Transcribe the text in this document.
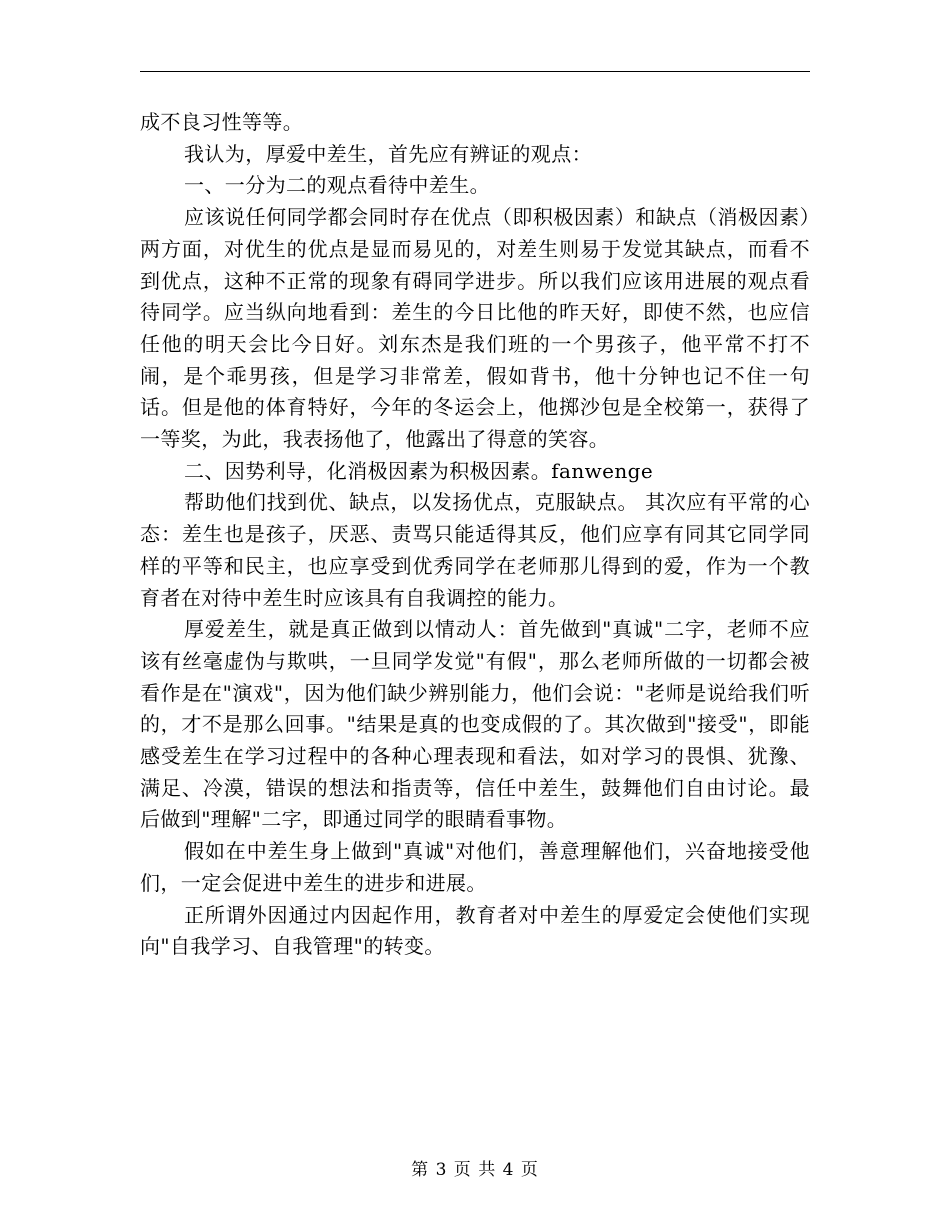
成不良习性等等。

我认为，厚爱中差生，首先应有辨证的观点：

一、一分为二的观点看待中差生。

应该说任何同学都会同时存在优点（即积极因素）和缺点（消极因素）两方面，对优生的优点是显而易见的，对差生则易于发觉其缺点，而看不到优点，这种不正常的现象有碍同学进步。所以我们应该用进展的观点看待同学。应当纵向地看到：差生的今日比他的昨天好，即使不然，也应信任他的明天会比今日好。刘东杰是我们班的一个男孩子，他平常不打不闹，是个乖男孩，但是学习非常差，假如背书，他十分钟也记不住一句话。但是他的体育特好，今年的冬运会上，他掷沙包是全校第一，获得了一等奖，为此，我表扬他了，他露出了得意的笑容。

二、因势利导，化消极因素为积极因素。fanwenge

帮助他们找到优、缺点，以发扬优点，克服缺点。 其次应有平常的心态：差生也是孩子，厌恶、责骂只能适得其反，他们应享有同其它同学同样的平等和民主，也应享受到优秀同学在老师那儿得到的爱，作为一个教育者在对待中差生时应该具有自我调控的能力。

厚爱差生，就是真正做到以情动人：首先做到"真诚"二字，老师不应该有丝毫虚伪与欺哄，一旦同学发觉"有假"，那么老师所做的一切都会被看作是在"演戏"，因为他们缺少辨别能力，他们会说："老师是说给我们听的，才不是那么回事。"结果是真的也变成假的了。其次做到"接受"，即能感受差生在学习过程中的各种心理表现和看法，如对学习的畏惧、犹豫、满足、冷漠，错误的想法和指责等，信任中差生，鼓舞他们自由讨论。最后做到"理解"二字，即通过同学的眼睛看事物。

假如在中差生身上做到"真诚"对他们，善意理解他们，兴奋地接受他们，一定会促进中差生的进步和进展。

正所谓外因通过内因起作用，教育者对中差生的厚爱定会使他们实现向"自我学习、自我管理"的转变。

第 3 页 共 4 页
